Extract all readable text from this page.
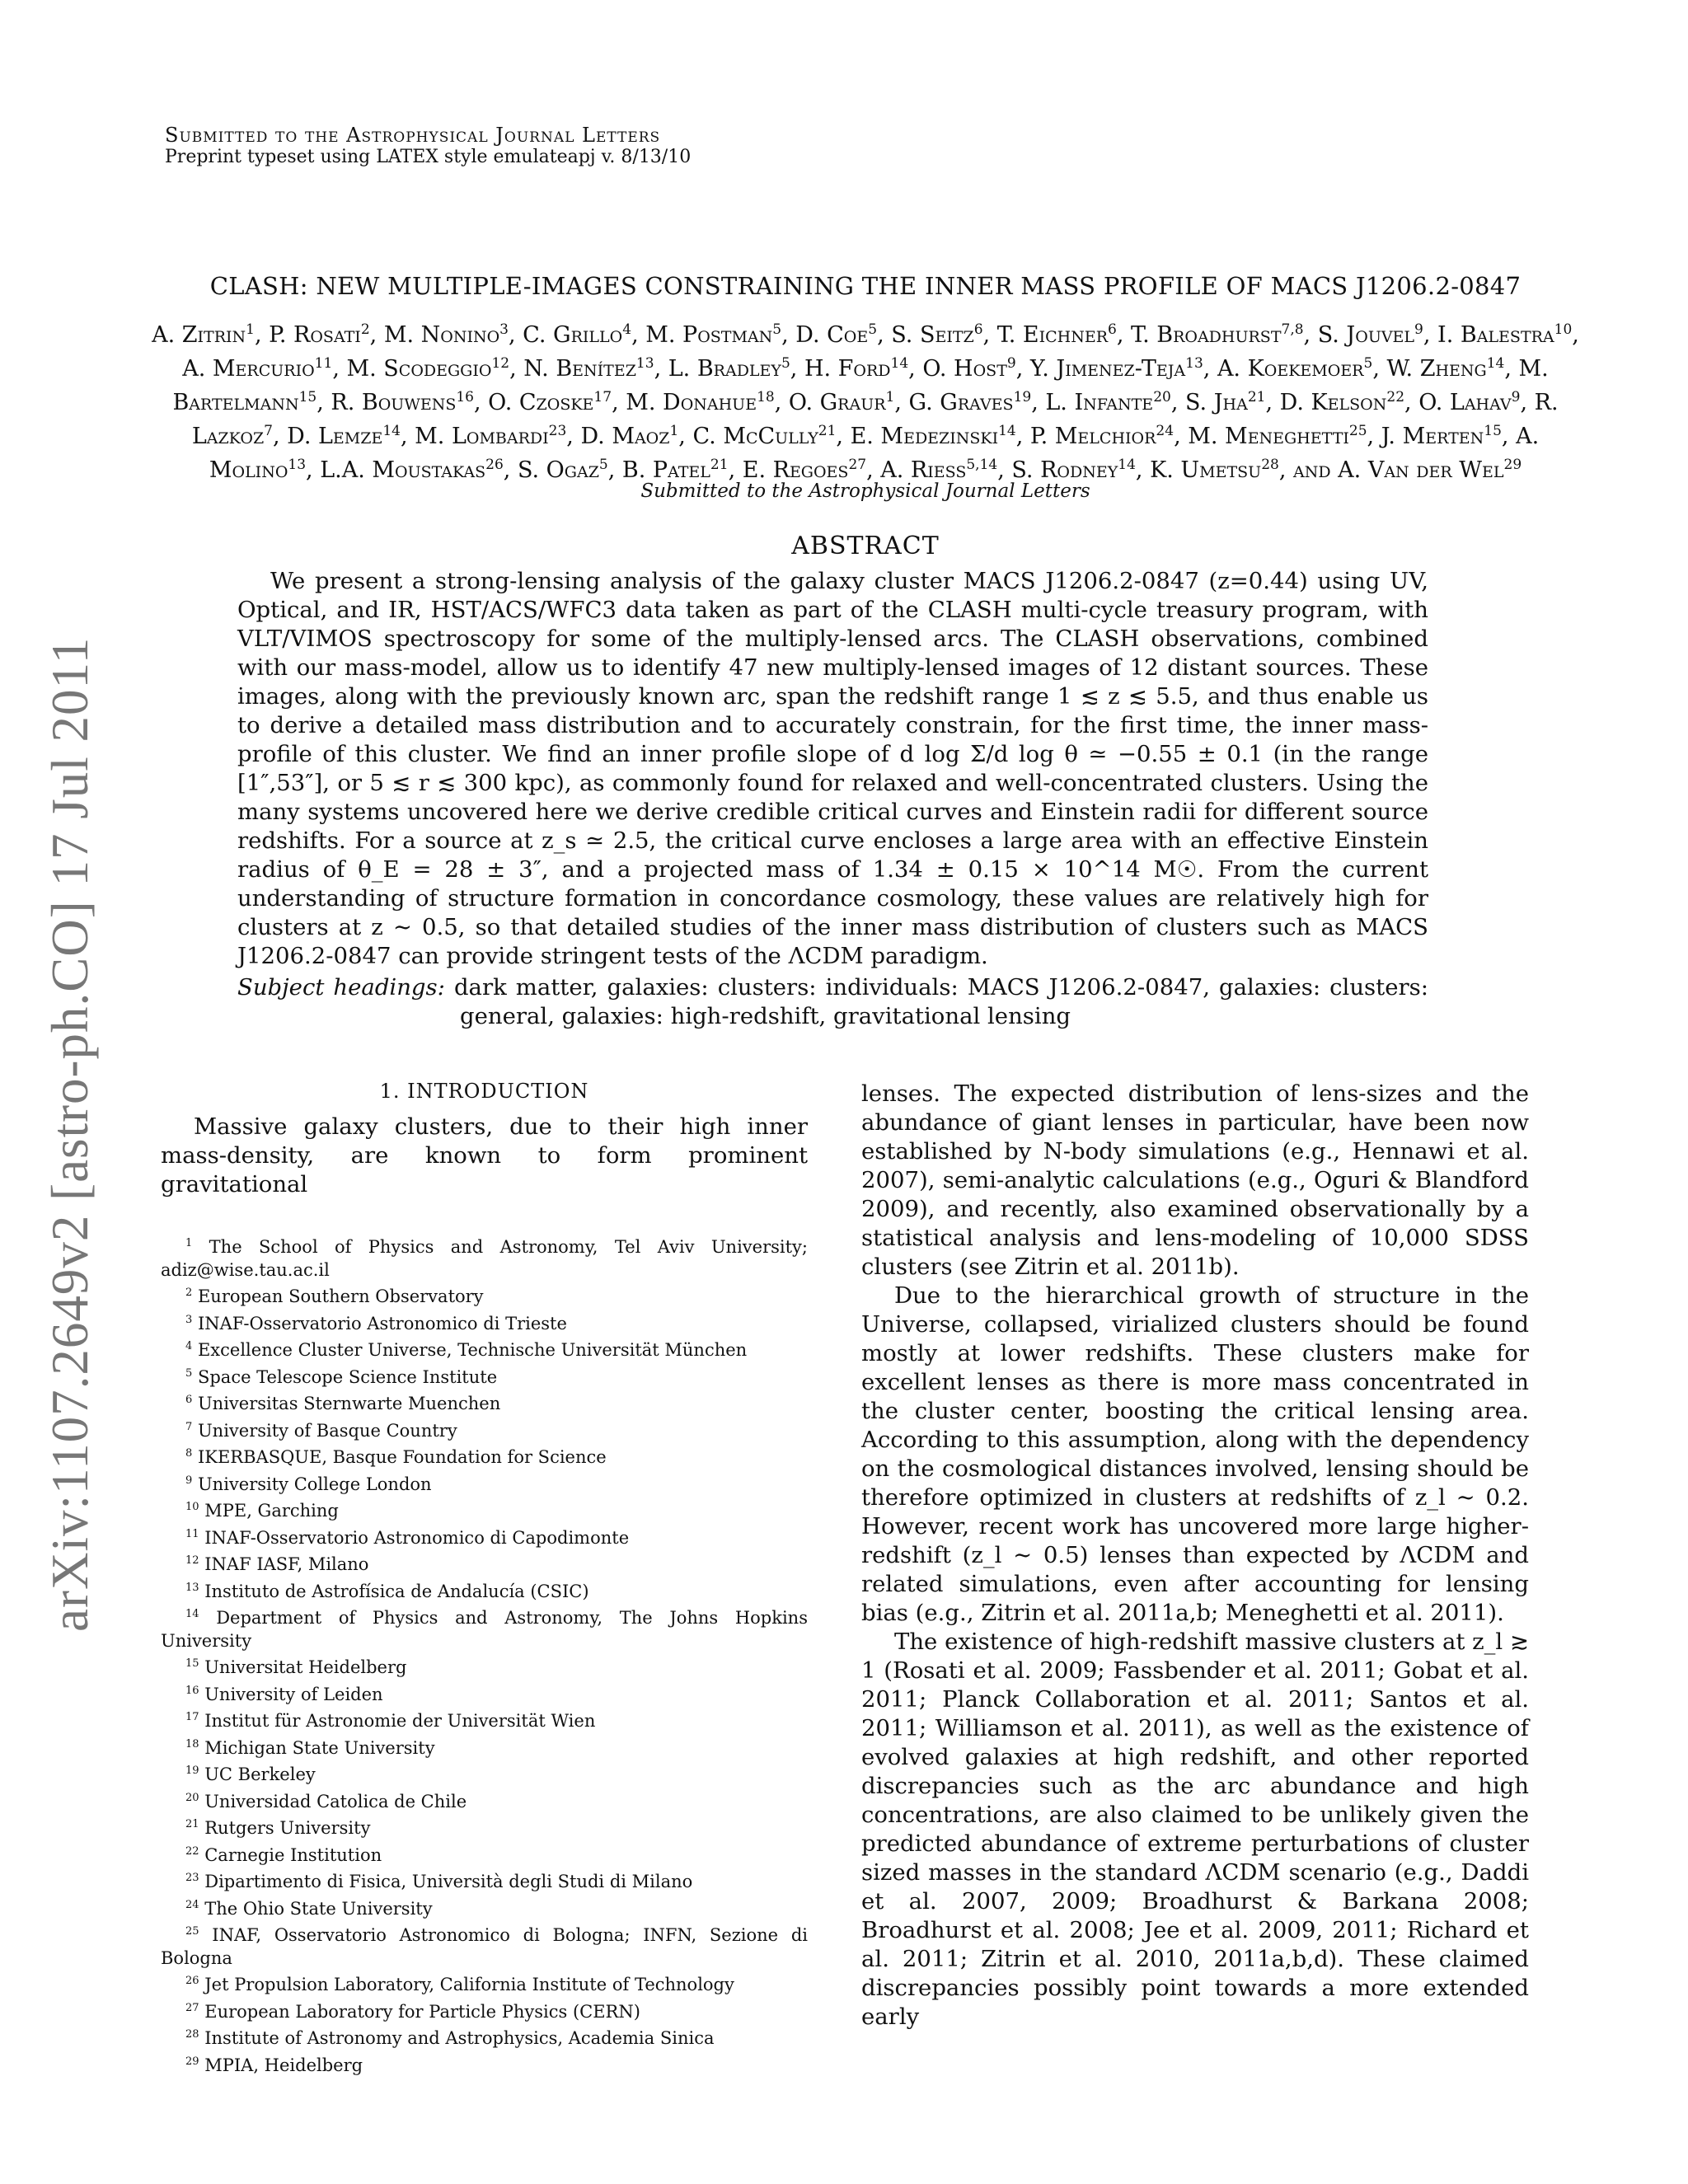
arXiv:1107.2649v2 [astro-ph.CO] 17 Jul 2011
Submitted to the Astrophysical Journal Letters
Preprint typeset using LATEX style emulateapj v. 8/13/10
CLASH: NEW MULTIPLE-IMAGES CONSTRAINING THE INNER MASS PROFILE OF MACS J1206.2-0847
A. Zitrin$^1$, P. Rosati$^2$, M. Nonino$^3$, C. Grillo$^4$, M. Postman$^5$, D. Coe$^5$, S. Seitz$^6$, T. Eichner$^6$, T. Broadhurst$^{7,8}$, S. Jouvel$^9$, I. Balestra$^{10}$, A. Mercurio$^{11}$, M. Scodeggio$^{12}$, N. Benítez$^{13}$, L. Bradley$^5$, H. Ford$^{14}$, O. Host$^9$, Y. Jimenez-Teja$^{13}$, A. Koekemoer$^5$, W. Zheng$^{14}$, M. Bartelmann$^{15}$, R. Bouwens$^{16}$, O. Czoske$^{17}$, M. Donahue$^{18}$, O. Graur$^1$, G. Graves$^{19}$, L. Infante$^{20}$, S. Jha$^{21}$, D. Kelson$^{22}$, O. Lahav$^9$, R. Lazkoz$^7$, D. Lemze$^{14}$, M. Lombardi$^{23}$, D. Maoz$^1$, C. McCully$^{21}$, E. Medezinski$^{14}$, P. Melchior$^{24}$, M. Meneghetti$^{25}$, J. Merten$^{15}$, A. Molino$^{13}$, L.A. Moustakas$^{26}$, S. Ogaz$^5$, B. Patel$^{21}$, E. Regoes$^{27}$, A. Riess$^{5,14}$, S. Rodney$^{14}$, K. Umetsu$^{28}$, and A. Van der Wel$^{29}$
Submitted to the Astrophysical Journal Letters
ABSTRACT

We present a strong-lensing analysis of the galaxy cluster MACS J1206.2-0847 (z=0.44) using UV, Optical, and IR, HST/ACS/WFC3 data taken as part of the CLASH multi-cycle treasury program, with VLT/VIMOS spectroscopy for some of the multiply-lensed arcs. The CLASH observations, combined with our mass-model, allow us to identify 47 new multiply-lensed images of 12 distant sources. These images, along with the previously known arc, span the redshift range 1 ≲ z ≲ 5.5, and thus enable us to derive a detailed mass distribution and to accurately constrain, for the first time, the inner mass-profile of this cluster. We find an inner profile slope of d log Σ/d log θ ≃ −0.55 ± 0.1 (in the range [1″,53″], or 5 ≲ r ≲ 300 kpc), as commonly found for relaxed and well-concentrated clusters. Using the many systems uncovered here we derive credible critical curves and Einstein radii for different source redshifts. For a source at z_s ≃ 2.5, the critical curve encloses a large area with an effective Einstein radius of θ_E = 28 ± 3″, and a projected mass of 1.34 ± 0.15 × 10^14 M☉. From the current understanding of structure formation in concordance cosmology, these values are relatively high for clusters at z ∼ 0.5, so that detailed studies of the inner mass distribution of clusters such as MACS J1206.2-0847 can provide stringent tests of the ΛCDM paradigm.

Subject headings: dark matter, galaxies: clusters: individuals: MACS J1206.2-0847, galaxies: clusters: general, galaxies: high-redshift, gravitational lensing

1. INTRODUCTION

Massive galaxy clusters, due to their high inner mass-density, are known to form prominent gravitational

$^1$ The School of Physics and Astronomy, Tel Aviv University; adiz@wise.tau.ac.il

$^2$ European Southern Observatory

$^3$ INAF-Osservatorio Astronomico di Trieste

$^4$ Excellence Cluster Universe, Technische Universität München

$^5$ Space Telescope Science Institute

$^6$ Universitas Sternwarte Muenchen

$^7$ University of Basque Country

$^8$ IKERBASQUE, Basque Foundation for Science

$^9$ University College London

$^{10}$ MPE, Garching

$^{11}$ INAF-Osservatorio Astronomico di Capodimonte

$^{12}$ INAF IASF, Milano

$^{13}$ Instituto de Astrofísica de Andalucía (CSIC)

$^{14}$ Department of Physics and Astronomy, The Johns Hopkins University

$^{15}$ Universitat Heidelberg

$^{16}$ University of Leiden

$^{17}$ Institut für Astronomie der Universität Wien

$^{18}$ Michigan State University

$^{19}$ UC Berkeley

$^{20}$ Universidad Catolica de Chile

$^{21}$ Rutgers University

$^{22}$ Carnegie Institution

$^{23}$ Dipartimento di Fisica, Università degli Studi di Milano

$^{24}$ The Ohio State University

$^{25}$ INAF, Osservatorio Astronomico di Bologna; INFN, Sezione di Bologna

$^{26}$ Jet Propulsion Laboratory, California Institute of Technology

$^{27}$ European Laboratory for Particle Physics (CERN)

$^{28}$ Institute of Astronomy and Astrophysics, Academia Sinica

$^{29}$ MPIA, Heidelberg

lenses. The expected distribution of lens-sizes and the abundance of giant lenses in particular, have been now established by N-body simulations (e.g., Hennawi et al. 2007), semi-analytic calculations (e.g., Oguri & Blandford 2009), and recently, also examined observationally by a statistical analysis and lens-modeling of 10,000 SDSS clusters (see Zitrin et al. 2011b).

Due to the hierarchical growth of structure in the Universe, collapsed, virialized clusters should be found mostly at lower redshifts. These clusters make for excellent lenses as there is more mass concentrated in the cluster center, boosting the critical lensing area. According to this assumption, along with the dependency on the cosmological distances involved, lensing should be therefore optimized in clusters at redshifts of z_l ∼ 0.2. However, recent work has uncovered more large higher-redshift (z_l ∼ 0.5) lenses than expected by ΛCDM and related simulations, even after accounting for lensing bias (e.g., Zitrin et al. 2011a,b; Meneghetti et al. 2011).

The existence of high-redshift massive clusters at z_l ≳ 1 (Rosati et al. 2009; Fassbender et al. 2011; Gobat et al. 2011; Planck Collaboration et al. 2011; Santos et al. 2011; Williamson et al. 2011), as well as the existence of evolved galaxies at high redshift, and other reported discrepancies such as the arc abundance and high concentrations, are also claimed to be unlikely given the predicted abundance of extreme perturbations of cluster sized masses in the standard ΛCDM scenario (e.g., Daddi et al. 2007, 2009; Broadhurst & Barkana 2008; Broadhurst et al. 2008; Jee et al. 2009, 2011; Richard et al. 2011; Zitrin et al. 2010, 2011a,b,d). These claimed discrepancies possibly point towards a more extended early
